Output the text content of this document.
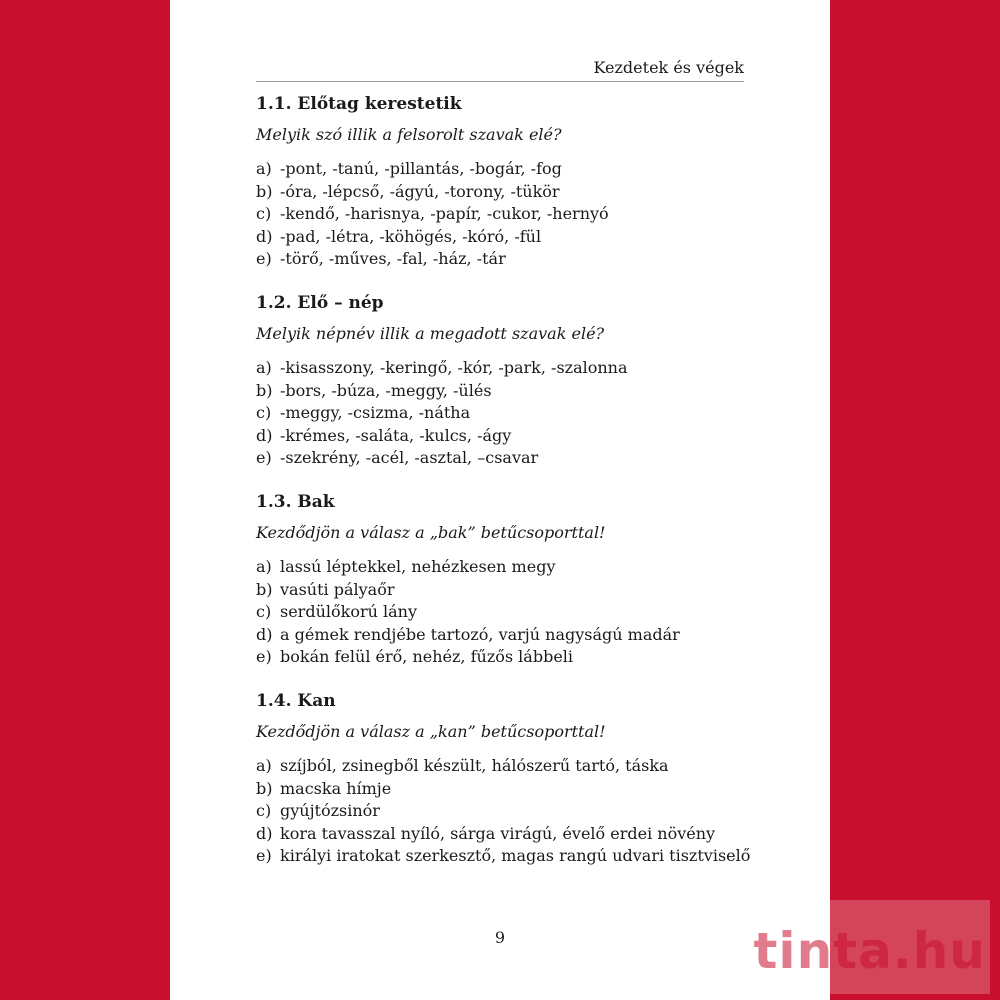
Kezdetek és végek
1.1. Előtag kerestetik

Melyik szó illik a felsorolt szavak elé?

a) -pont, -tanú, -pillantás, -bogár, -fog
b) -óra, -lépcső, -ágyú, -torony, -tükör
c) -kendő, -harisnya, -papír, -cukor, -hernyó
d) -pad, -létra, -köhögés, -kóró, -fül
e) -törő, -műves, -fal, -ház, -tár
1.2. Elő – nép

Melyik népnév illik a megadott szavak elé?

a) -kisasszony, -keringő, -kór, -park, -szalonna
b) -bors, -búza, -meggy, -ülés
c) -meggy, -csizma, -nátha
d) -krémes, -saláta, -kulcs, -ágy
e) -szekrény, -acél, -asztal, –csavar
1.3. Bak

Kezdődjön a válasz a „bak” betűcsoporttal!

a) lassú léptekkel, nehézkesen megy
b) vasúti pályaőr
c) serdülőkorú lány
d) a gémek rendjébe tartozó, varjú nagyságú madár
e) bokán felül érő, nehéz, fűzős lábbeli
1.4. Kan

Kezdődjön a válasz a „kan” betűcsoporttal!

a) szíjból, zsinegből készült, hálószerű tartó, táska
b) macska hímje
c) gyújtózsinór
d) kora tavasszal nyíló, sárga virágú, évelő erdei növény
e) királyi iratokat szerkesztő, magas rangú udvari tisztviselő
9	tinta.hu
